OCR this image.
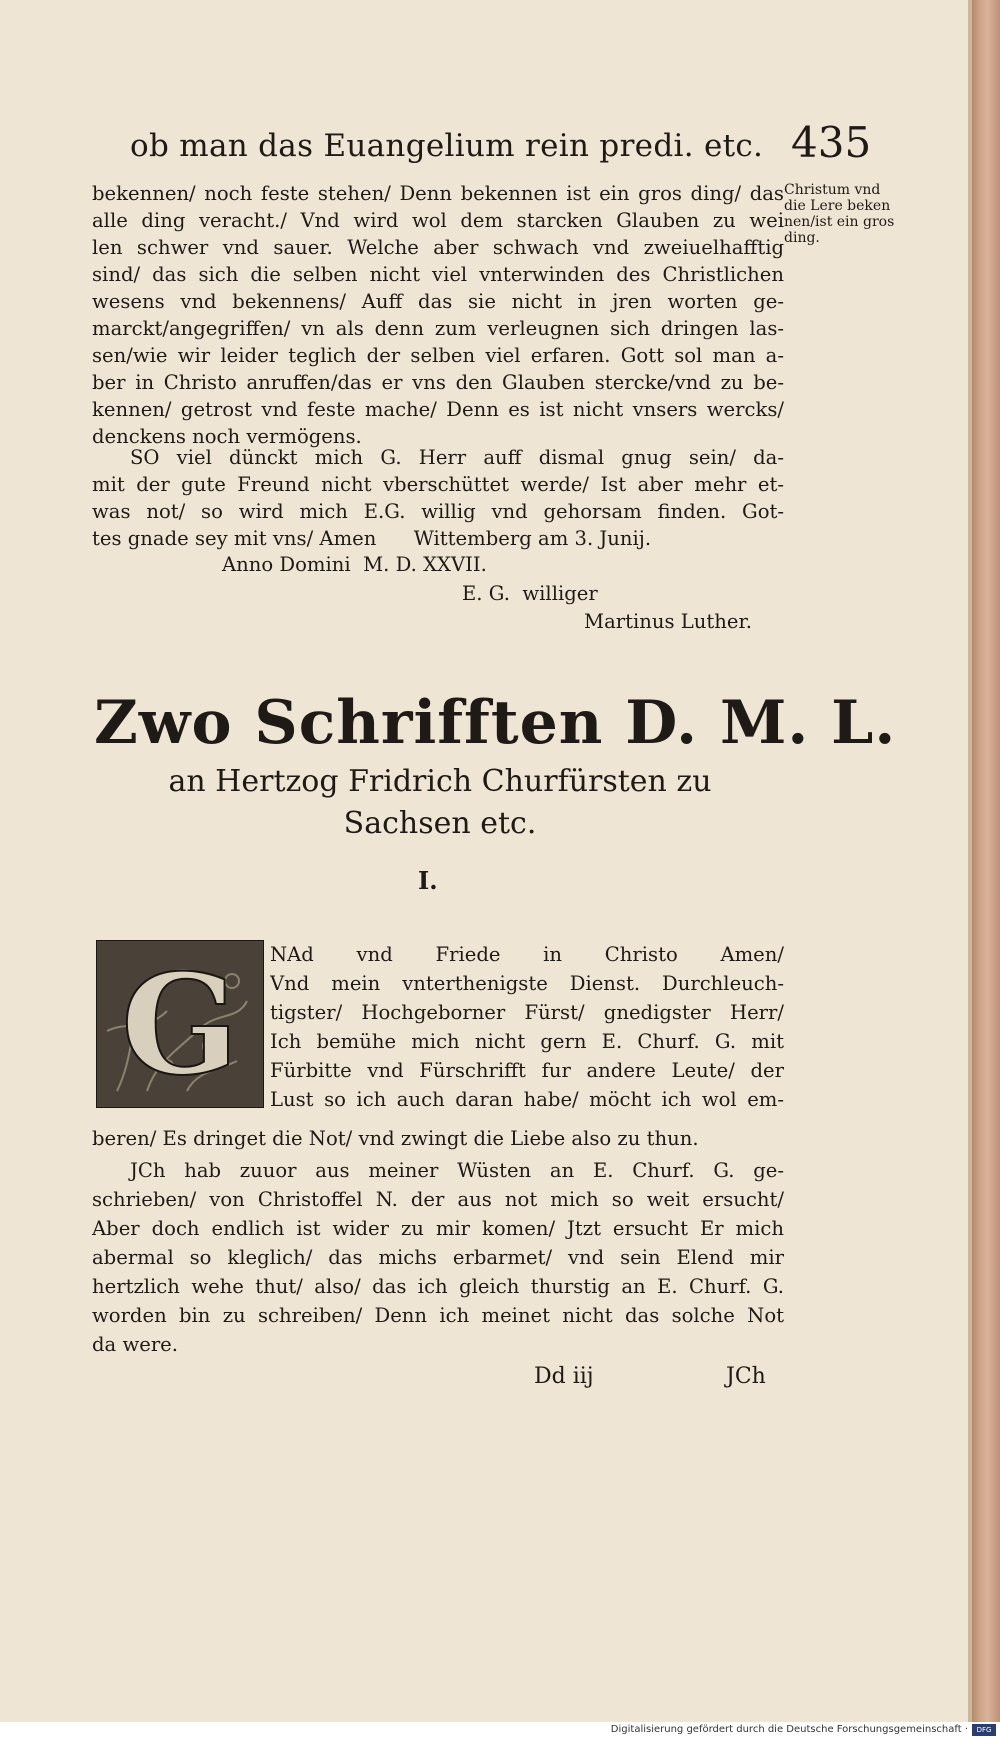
ob man das Euangelium rein predi. etc. 435
Christum vnd
die Lere beken
nen/ist ein gros
ding.
bekennen/ noch feste stehen/ Denn bekennen ist ein gros ding/ das
alle ding veracht./ Vnd wird wol dem starcken Glauben zu wei
len schwer vnd sauer. Welche aber schwach vnd zweiuelhafftig
sind/ das sich die selben nicht viel vnterwinden des Christlichen
wesens vnd bekennens/ Auff das sie nicht in jren worten ge-
marckt/angegriffen/ vn als denn zum verleugnen sich dringen las-
sen/wie wir leider teglich der selben viel erfaren. Gott sol man a-
ber in Christo anruffen/das er vns den Glauben stercke/vnd zu be-
kennen/ getrost vnd feste mache/ Denn es ist nicht vnsers wercks/
denckens noch vermögens.
SO viel dünckt mich G. Herr auff dismal gnug sein/ da-
mit der gute Freund nicht vberschüttet werde/ Ist aber mehr et-
was not/ so wird mich E.G. willig vnd gehorsam finden. Got-
tes gnade sey mit vns/ Amen      Wittemberg am 3. Junij.
Anno Domini  M. D. XXVII.
E. G.  williger
Martinus Luther.
Zwo Schrifften D. M. L.
an Hertzog Fridrich Churfürsten zu
Sachsen etc.
I.
G NAd vnd Friede in Christo Amen/
Vnd mein vnterthenigste Dienst. Durchleuch-
tigster/ Hochgeborner Fürst/ gnedigster Herr/
Ich bemühe mich nicht gern E. Churf. G. mit
Fürbitte vnd Fürschrifft fur andere Leute/ der
Lust so ich auch daran habe/ möcht ich wol em-
beren/ Es dringet die Not/ vnd zwingt die Liebe also zu thun.
JCh hab zuuor aus meiner Wüsten an E. Churf. G. ge-
schrieben/ von Christoffel N. der aus not mich so weit ersucht/
Aber doch endlich ist wider zu mir komen/ Jtzt ersucht Er mich
abermal so kleglich/ das michs erbarmet/ vnd sein Elend mir
hertzlich wehe thut/ also/ das ich gleich thurstig an E. Churf. G.
worden bin zu schreiben/ Denn ich meinet nicht das solche Not
da were.
Dd iij	JCh
Digitalisierung gefördert durch die Deutsche Forschungsgemeinschaft ·	DFG
